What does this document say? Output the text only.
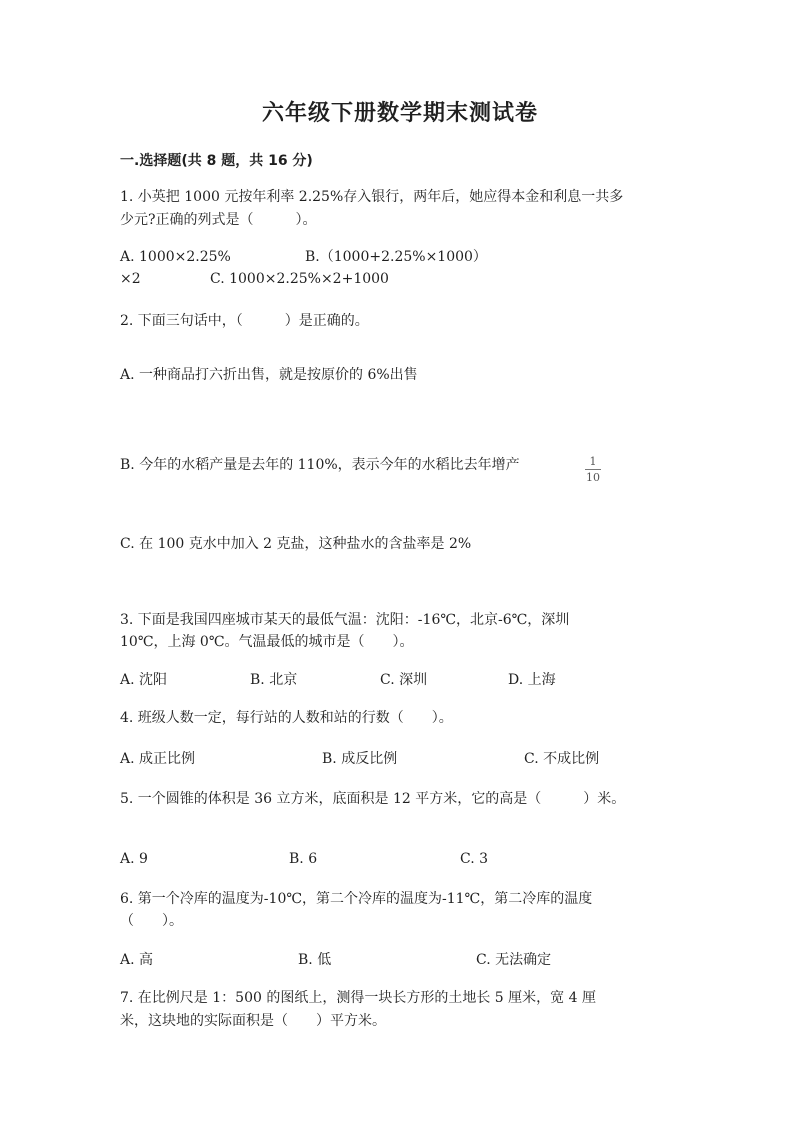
六年级下册数学期末测试卷
一.选择题(共 8 题，共 16 分)
1. 小英把 1000 元按年利率 2.25%存入银行，两年后，她应得本金和利息一共多
少元?正确的列式是（　　　）。
A. 1000×2.25%	B.（1000+2.25%×1000）
×2	C. 1000×2.25%×2+1000
2. 下面三句话中，（　　　）是正确的。
A. 一种商品打六折出售，就是按原价的 6%出售
B. 今年的水稻产量是去年的 110%，表示今年的水稻比去年增产	1
10
C. 在 100 克水中加入 2 克盐，这种盐水的含盐率是 2%
3. 下面是我国四座城市某天的最低气温：沈阳：-16℃，北京-6℃，深圳
10℃，上海 0℃。气温最低的城市是（　　）。
A. 沈阳	B. 北京	C. 深圳	D. 上海
4. 班级人数一定，每行站的人数和站的行数（　　）。
A. 成正比例	B. 成反比例	C. 不成比例
5. 一个圆锥的体积是 36 立方米，底面积是 12 平方米，它的高是（　　　）米。
A. 9	B. 6	C. 3
6. 第一个冷库的温度为-10℃，第二个冷库的温度为-11℃，第二冷库的温度
（　　）。
A. 高	B. 低	C. 无法确定
7. 在比例尺是 1：500 的图纸上，测得一块长方形的土地长 5 厘米，宽 4 厘
米，这块地的实际面积是（　　）平方米。
